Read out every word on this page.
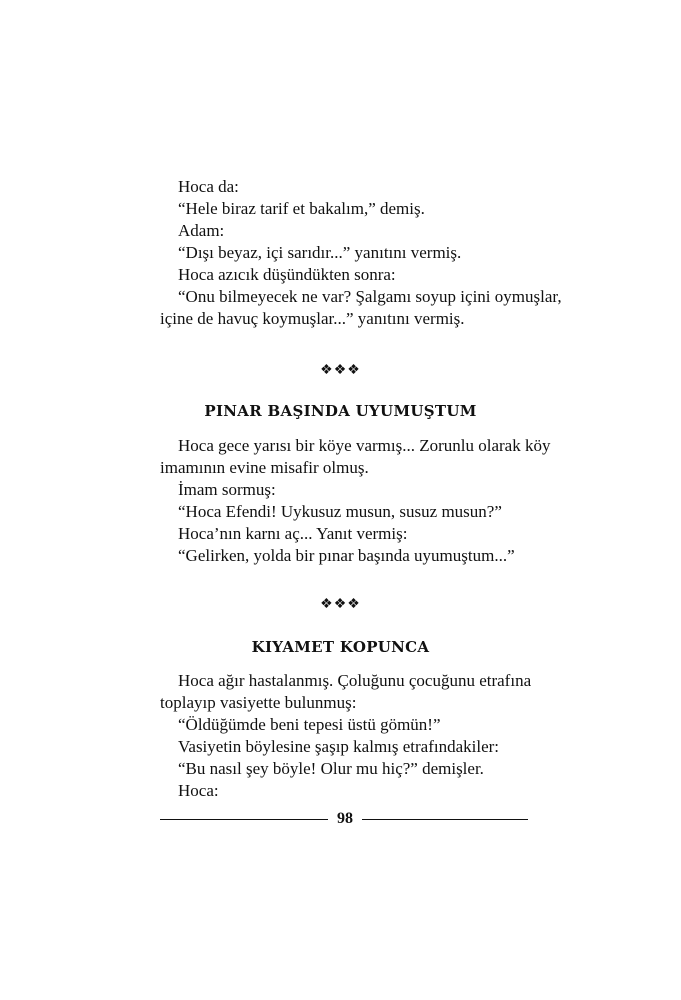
Hoca da:

“Hele biraz tarif et bakalım,” demiş.

Adam:

“Dışı beyaz, içi sarıdır...” yanıtını vermiş.

Hoca azıcık düşündükten sonra:

“Onu bilmeyecek ne var? Şalgamı soyup içini oymuşlar,

içine de havuç koymuşlar...” yanıtını vermiş.

❖❖❖
PINAR BAŞINDA UYUMUŞTUM

Hoca gece yarısı bir köye varmış... Zorunlu olarak köy

imamının evine misafir olmuş.

İmam sormuş:

“Hoca Efendi! Uykusuz musun, susuz musun?”

Hoca’nın karnı aç... Yanıt vermiş:

“Gelirken, yolda bir pınar başında uyumuştum...”

❖❖❖
KIYAMET KOPUNCA

Hoca ağır hastalanmış. Çoluğunu çocuğunu etrafına

toplayıp vasiyette bulunmuş:

“Öldüğümde beni tepesi üstü gömün!”

Vasiyetin böylesine şaşıp kalmış etrafındakiler:

“Bu nasıl şey böyle! Olur mu hiç?” demişler.

Hoca:

98
